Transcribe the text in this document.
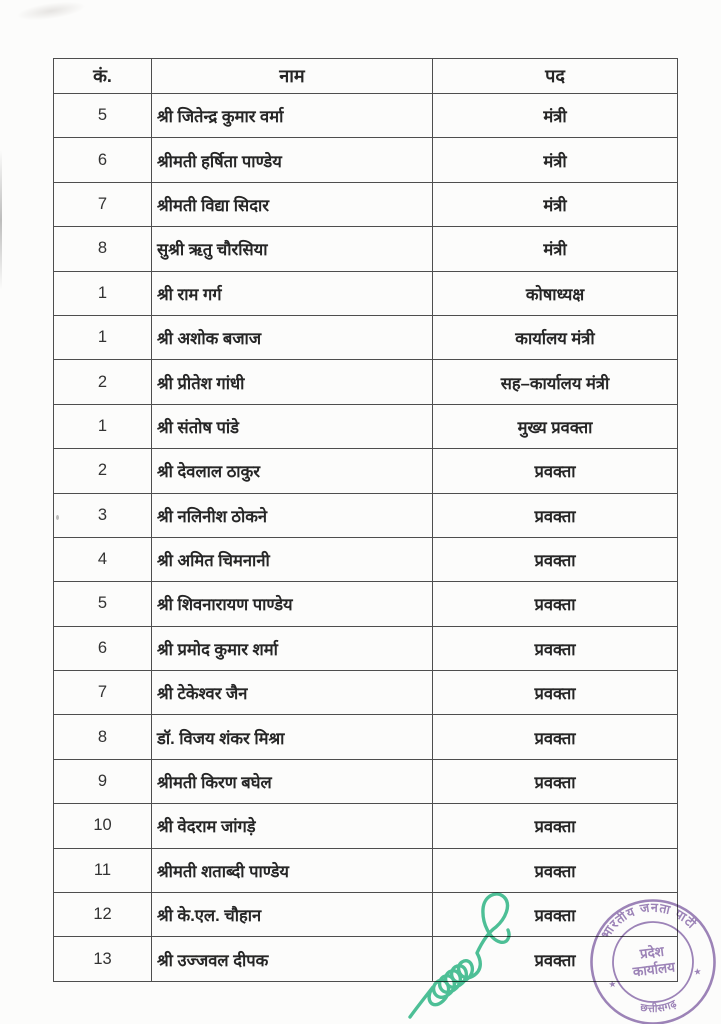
कं.	नाम	पद
5	श्री जितेन्द्र कुमार वर्मा	मंत्री
6	श्रीमती हर्षिता पाण्डेय	मंत्री
7	श्रीमती विद्या सिदार	मंत्री
8	सुश्री ऋतु चौरसिया	मंत्री
1	श्री राम गर्ग	कोषाध्यक्ष
1	श्री अशोक बजाज	कार्यालय मंत्री
2	श्री प्रीतेश गांधी	सह–कार्यालय मंत्री
1	श्री संतोष पांडे	मुख्य प्रवक्ता
2	श्री देवलाल ठाकुर	प्रवक्ता
3	श्री नलिनीश ठोकने	प्रवक्ता
4	श्री अमित चिमनानी	प्रवक्ता
5	श्री शिवनारायण पाण्डेय	प्रवक्ता
6	श्री प्रमोद कुमार शर्मा	प्रवक्ता
7	श्री टेकेश्वर जैन	प्रवक्ता
8	डॉ. विजय शंकर मिश्रा	प्रवक्ता
9	श्रीमती किरण बघेल	प्रवक्ता
10	श्री वेदराम जांगड़े	प्रवक्ता
11	श्रीमती शताब्दी पाण्डेय	प्रवक्ता
12	श्री के.एल. चौहान	प्रवक्ता
13	श्री उज्जवल दीपक	प्रवक्ता
भारतीय जनता पार्टी
छत्तीसगढ़
प्रदेश
कार्यालय
★
★
